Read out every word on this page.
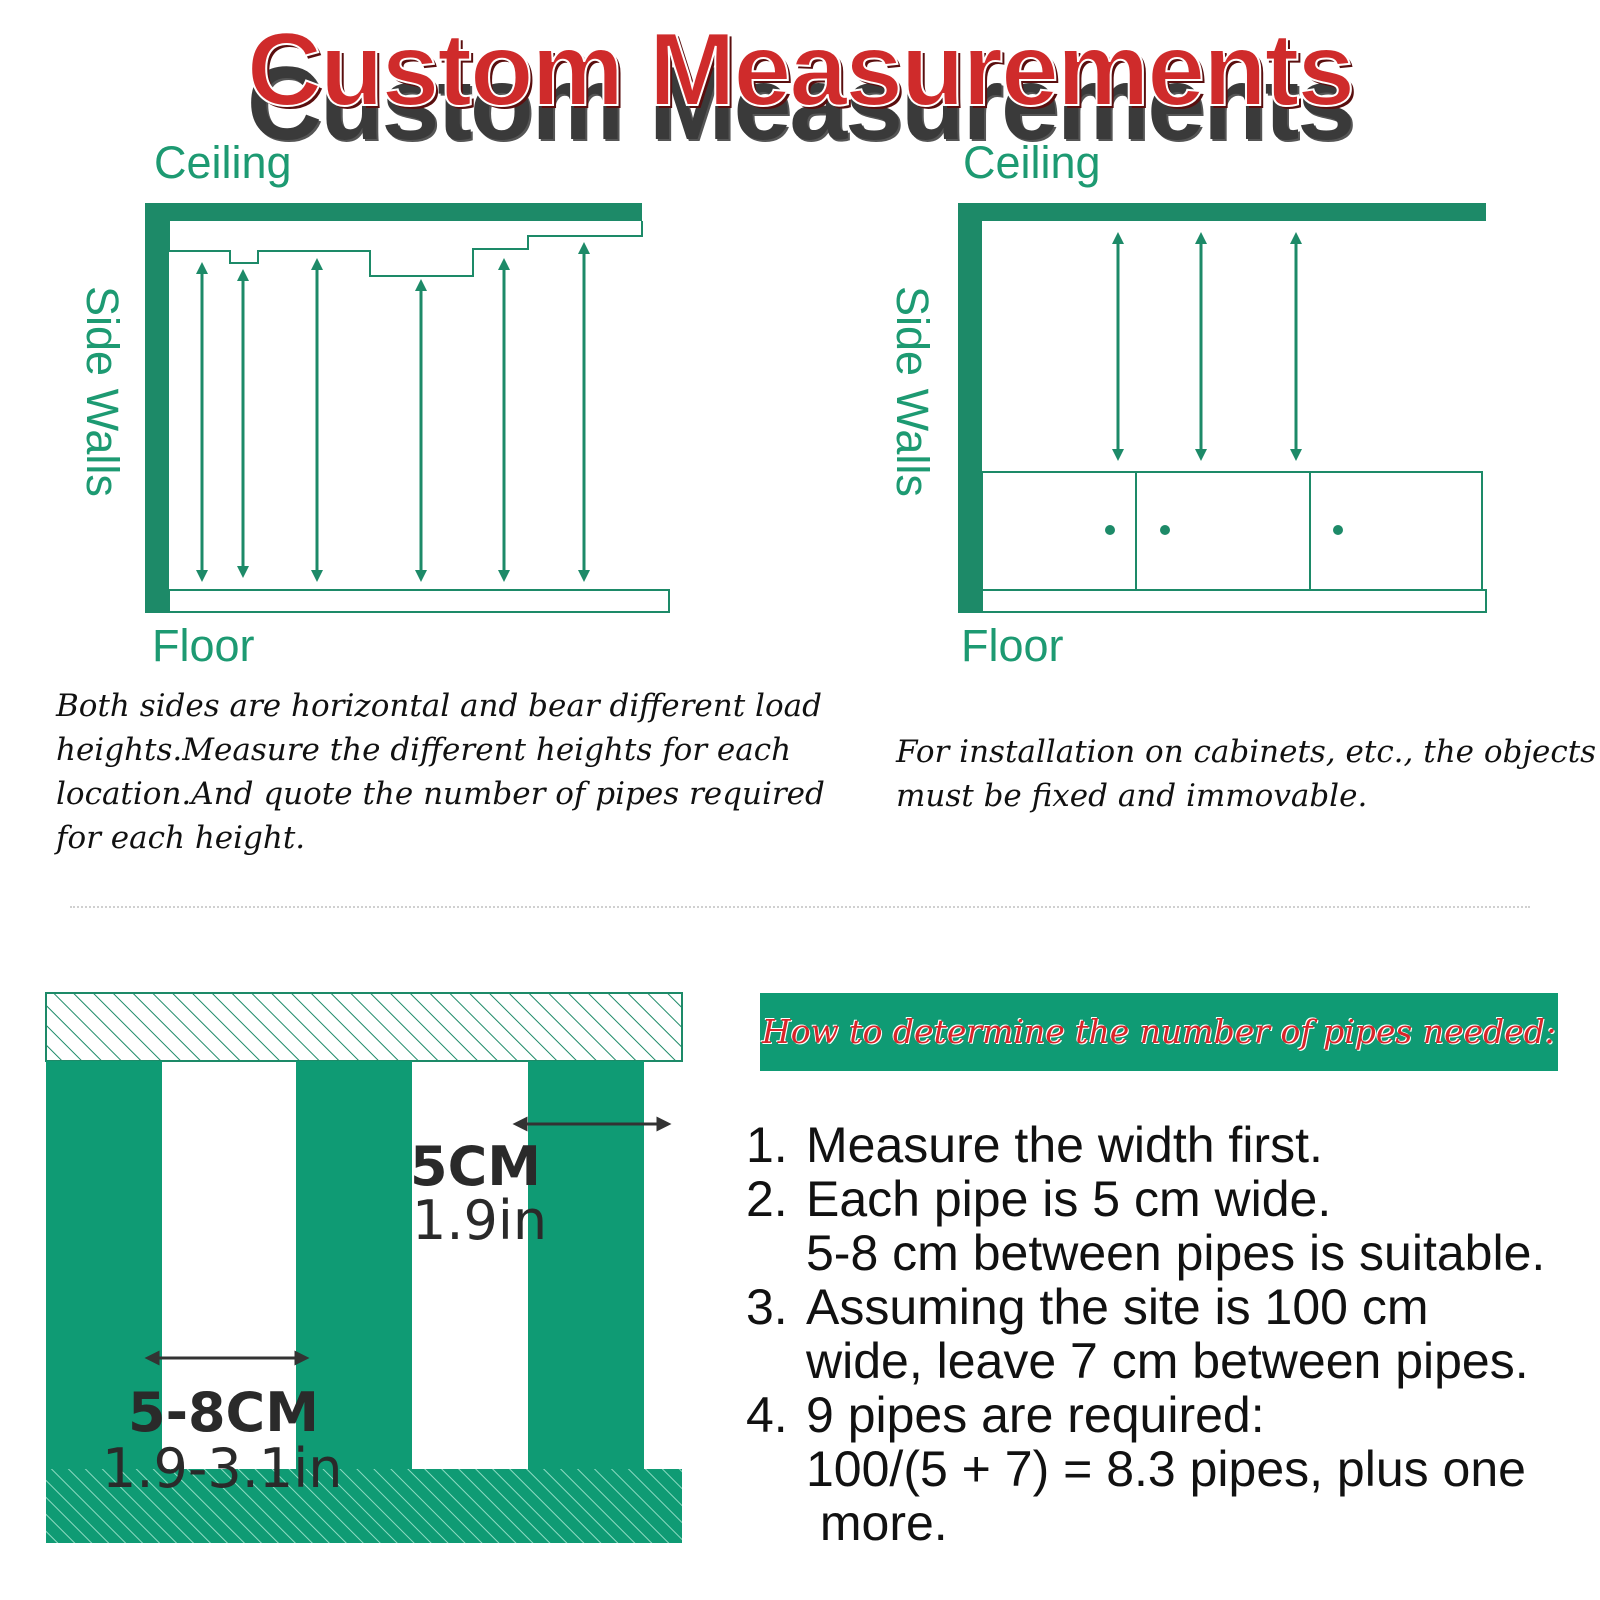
Custom Measurements
Ceiling
Side Walls
Floor
Both sides are horizontal and bear different load
heights.Measure the different heights for each
location.And quote the number of pipes required
for each height.
Ceiling
Side Walls
Floor
For installation on cabinets, etc., the objects
must be fixed and immovable.
5CM
1.9in
5-8CM
1.9-3.1in
How to determine the number of pipes needed:
1. Measure the width first.
2. Each pipe is 5 cm wide.
5-8 cm between pipes is suitable.
3. Assuming the site is 100 cm
wide, leave 7 cm between pipes.
4. 9 pipes are required:
100/(5 + 7) = 8.3 pipes, plus one
more.
